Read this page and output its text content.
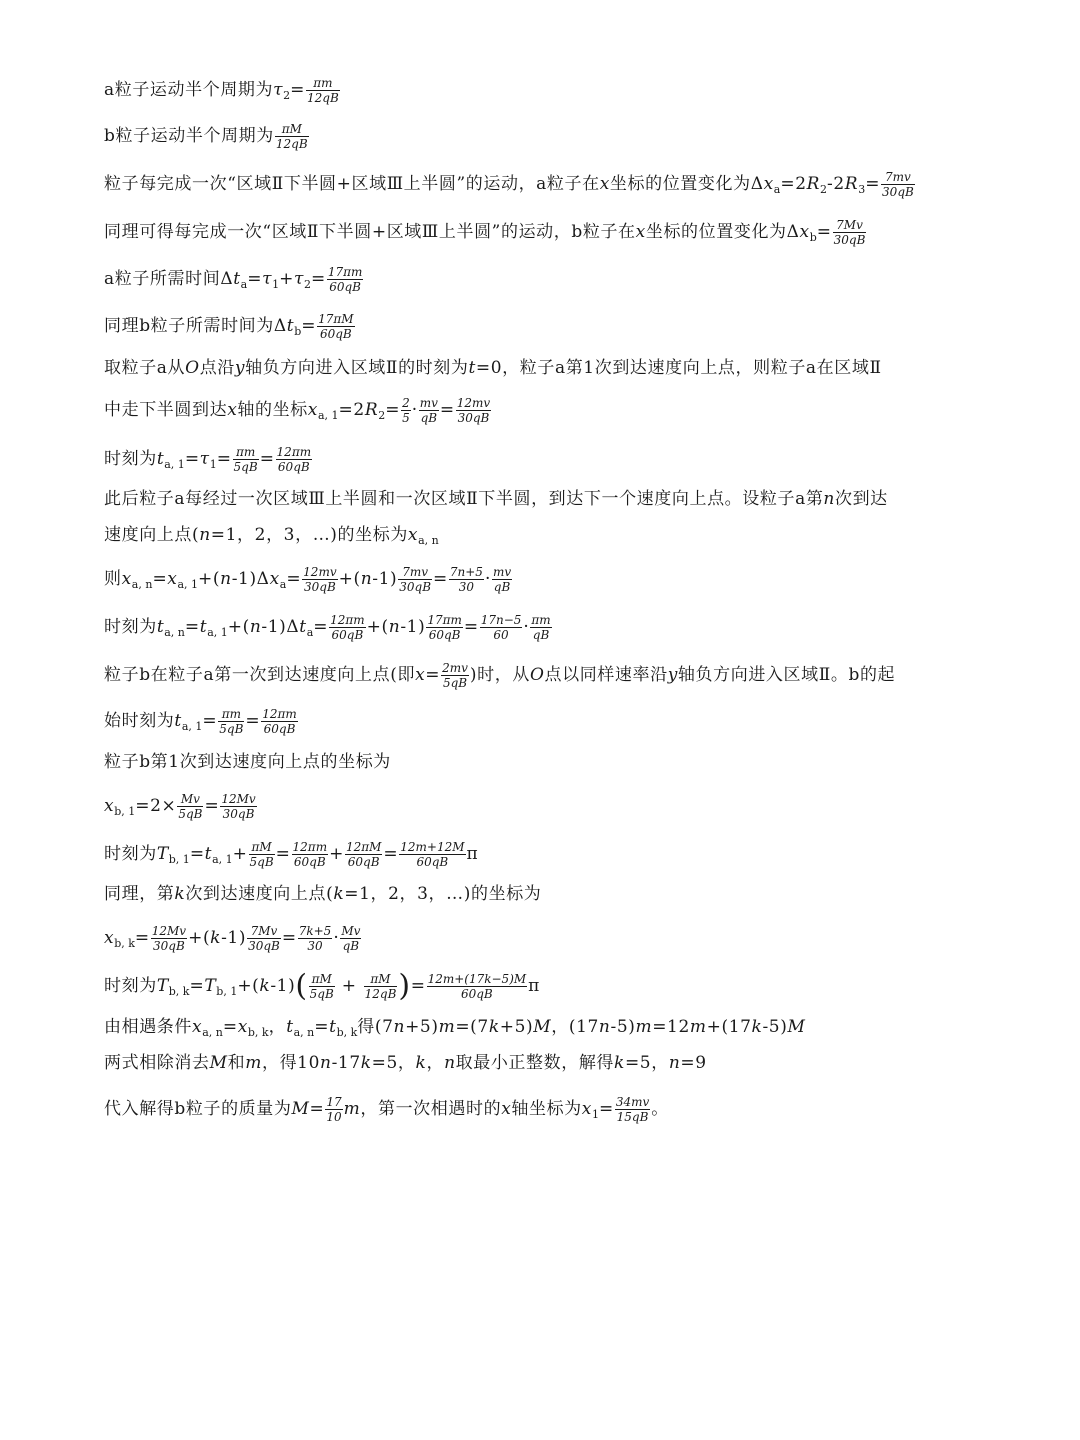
a粒子运动半个周期为$\tau_2= \frac{\pi m}{12qB}$
b粒子运动半个周期为 $\frac{\pi M}{12qB}$
粒子每完成一次“区域Ⅱ下半圆+区域Ⅲ上半圆”的运动，a粒子在x坐标的位置变化为$\Delta x_a=2R_2-2R_3= \frac{7mv}{30qB}$
同理可得每完成一次“区域Ⅱ下半圆+区域Ⅲ上半圆”的运动，b粒子在x坐标的位置变化为$\Delta x_b= \frac{7Mv}{30qB}$
a粒子所需时间$\Delta t_a=\tau_1+\tau_2= \frac{17\pi m}{60qB}$
同理b粒子所需时间为$\Delta t_b= \frac{17\pi M}{60qB}$
取粒子a从O点沿y轴负方向进入区域Ⅱ的时刻为t=0，粒子a第1次到达速度向上点，则粒子a在区域Ⅱ
中走下半圆到达x轴的坐标$x_{a, 1}=2R_2= \frac{2}{5} \cdot \frac{mv}{qB} = \frac{12mv}{30qB}$
时刻为$t_{a, 1}=\tau_1= \frac{\pi m}{5qB} = \frac{12\pi m}{60qB}$
此后粒子a每经过一次区域Ⅲ上半圆和一次区域Ⅱ下半圆，到达下一个速度向上点。设粒子a第n次到达
速度向上点(n=1，2，3，…)的坐标为$x_{a, n}$
则$x_{a, n}=x_{a, 1}+(n-1)\Delta x_a= \frac{12mv}{30qB} +(n-1) \frac{7mv}{30qB} = \frac{7n+5}{30} \cdot \frac{mv}{qB}$
时刻为$t_{a, n}=t_{a, 1}+(n-1)\Delta t_a= \frac{12\pi m}{60qB} +(n-1) \frac{17\pi m}{60qB} = \frac{17n-5}{60} \cdot \frac{\pi m}{qB}$
粒子b在粒子a第一次到达速度向上点(即$x= \frac{2mv}{5qB}$ )时，从O点以同样速率沿y轴负方向进入区域Ⅱ。b的起
始时刻为$t_{a, 1}= \frac{\pi m}{5qB} = \frac{12\pi m}{60qB}$
粒子b第1次到达速度向上点的坐标为
$x_{b, 1}=2\times \frac{Mv}{5qB} = \frac{12Mv}{30qB}$
时刻为$T_{b, 1}=t_{a, 1}+ \frac{\pi M}{5qB} = \frac{12\pi m}{60qB} + \frac{12\pi M}{60qB} = \frac{12m+12M}{60qB}$ π
同理，第k次到达速度向上点(k=1，2，3，…)的坐标为
$x_{b, k}= \frac{12Mv}{30qB} +(k-1) \frac{7Mv}{30qB} = \frac{7k+5}{30} \cdot \frac{Mv}{qB}$
时刻为$T_{b, k}=T_{b, 1}+(k-1)( \frac{\pi M}{5qB} + \frac{\pi M}{12qB}$ )= $\frac{12m+(17k-5)M}{60qB}$ π
由相遇条件$x_{a, n}=x_{b, k}$，$t_{a, n}=t_{b, k}$得(7n+5)m=(7k+5)M，(17n-5)m=12m+(17k-5)M
两式相除消去M和m，得10n-17k=5，k，n取最小正整数，解得k=5，n=9
代入解得b粒子的质量为$M= \frac{17}{10}$ m，第一次相遇时的x轴坐标为$x_1= \frac{34mv}{15qB}$ 。
